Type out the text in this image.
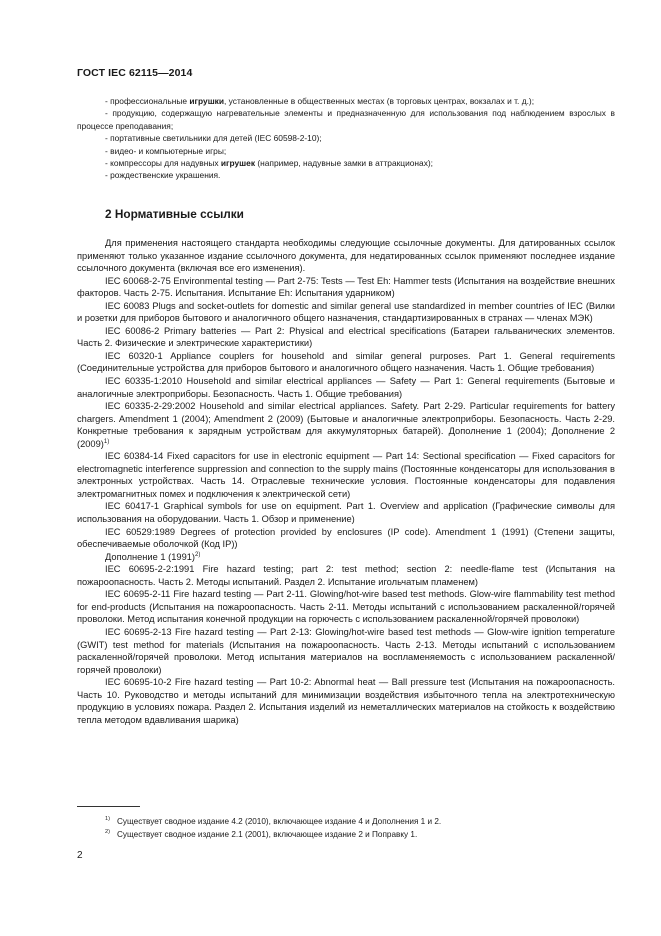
ГОСТ IEC 62115—2014

- профессиональные игрушки, установленные в общественных местах (в торговых центрах, вокзалах и т. д.);

- продукцию, содержащую нагревательные элементы и предназначенную для использования под наблюдением взрослых в процессе преподавания;

- портативные светильники для детей (IEC 60598-2-10);

- видео- и компьютерные игры;

- компрессоры для надувных игрушек (например, надувные замки в аттракционах);

- рождественские украшения.

2 Нормативные ссылки

Для применения настоящего стандарта необходимы следующие ссылочные документы. Для датированных ссылок применяют только указанное издание ссылочного документа, для недатированных ссылок применяют последнее издание ссылочного документа (включая все его изменения).

IEC 60068-2-75 Environmental testing — Part 2-75: Tests — Test Eh: Hammer tests (Испытания на воздействие внешних факторов. Часть 2-75. Испытания. Испытание Eh: Испытания ударником)

IEC 60083 Plugs and socket-outlets for domestic and similar general use standardized in member countries of IEC (Вилки и розетки для приборов бытового и аналогичного общего назначения, стандартизированных в странах — членах МЭК)

IEC 60086-2 Primary batteries — Part 2: Physical and electrical specifications (Батареи гальванических элементов. Часть 2. Физические и электрические характеристики)

IEC 60320-1 Appliance couplers for household and similar general purposes. Part 1. General requirements (Соединительные устройства для приборов бытового и аналогичного общего назначения. Часть 1. Общие требования)

IEC 60335-1:2010 Household and similar electrical appliances — Safety — Part 1: General requirements (Бытовые и аналогичные электроприборы. Безопасность. Часть 1. Общие требования)

IEC 60335-2-29:2002 Household and similar electrical appliances. Safety. Part 2-29. Particular requirements for battery chargers. Amendment 1 (2004); Amendment 2 (2009) (Бытовые и аналогичные электроприборы. Безопасность. Часть 2-29. Конкретные требования к зарядным устройствам для аккумуляторных батарей). Дополнение 1 (2004); Дополнение 2 $(2009)^{1)}$

IEC 60384-14 Fixed capacitors for use in electronic equipment — Part 14: Sectional specification — Fixed capacitors for electromagnetic interference suppression and connection to the supply mains (Постоянные конденсаторы для использования в электронных устройствах. Часть 14. Отраслевые технические условия. Постоянные конденсаторы для подавления электромагнитных помех и подключения к электрической сети)

IEC 60417-1 Graphical symbols for use on equipment. Part 1. Overview and application (Графические символы для использования на оборудовании. Часть 1. Обзор и применение)

IEC 60529:1989 Degrees of protection provided by enclosures (IP code). Amendment 1 (1991) (Степени защиты, обеспечиваемые оболочкой (Код IP))

Дополнение 1 $(1991)^{2)}$

IEC 60695-2-2:1991 Fire hazard testing; part 2: test method; section 2: needle-flame test (Испытания на пожароопасность. Часть 2. Методы испытаний. Раздел 2. Испытание игольчатым пламенем)

IEC 60695-2-11 Fire hazard testing — Part 2-11. Glowing/hot-wire based test methods. Glow-wire flammability test method for end-products (Испытания на пожароопасность. Часть 2-11. Методы испытаний с использованием раскаленной/горячей проволоки. Метод испытания конечной продукции на горючесть с использованием раскаленной/горячей проволоки)

IEC 60695-2-13 Fire hazard testing — Part 2-13: Glowing/hot-wire based test methods — Glow-wire ignition temperature (GWIT) test method for materials (Испытания на пожароопасность. Часть 2-13. Методы испытаний с использованием раскаленной/горячей проволоки. Метод испытания материалов на воспламеняемость с использованием раскаленной/горячей проволоки)

IEC 60695-10-2 Fire hazard testing — Part 10-2: Abnormal heat — Ball pressure test (Испытания на пожароопасность. Часть 10. Руководство и методы испытаний для минимизации воздействия избыточного тепла на электротехническую продукцию в условиях пожара. Раздел 2. Испытания изделий из неметаллических материалов на стойкость к воздействию тепла методом вдавливания шарика)

$^{1)}$ Существует сводное издание 4.2 (2010), включающее издание 4 и Дополнения 1 и 2.

$^{2)}$ Существует сводное издание 2.1 (2001), включающее издание 2 и Поправку 1.

2
